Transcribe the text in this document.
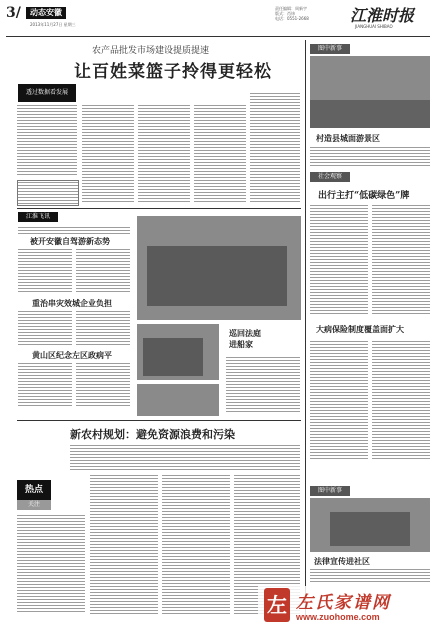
3/	动态安徽
2013年11月27日 星期三
责任编辑：周新宇
版式：肖炜
电话：0551-2668	江淮时报
JIANGHUAI SHIBAO
农产品批发市场建设提质提速
让百姓菜篮子拎得更轻松
透过数据看发展
江淮飞讯
被开安徽自驾游新态势
重治串灾效城企业负担
黄山区纪念左区政病平
巡回法庭
进船家
新农村规划：避免资源浪费和污染
热点
关注
图中新事
村造县城面游景区
社会观察
出行主打“低碳绿色”牌
大病保险制度覆盖面扩大
图中新事
法律宣传进社区
左 左氏家谱网
www.zuohome.com
